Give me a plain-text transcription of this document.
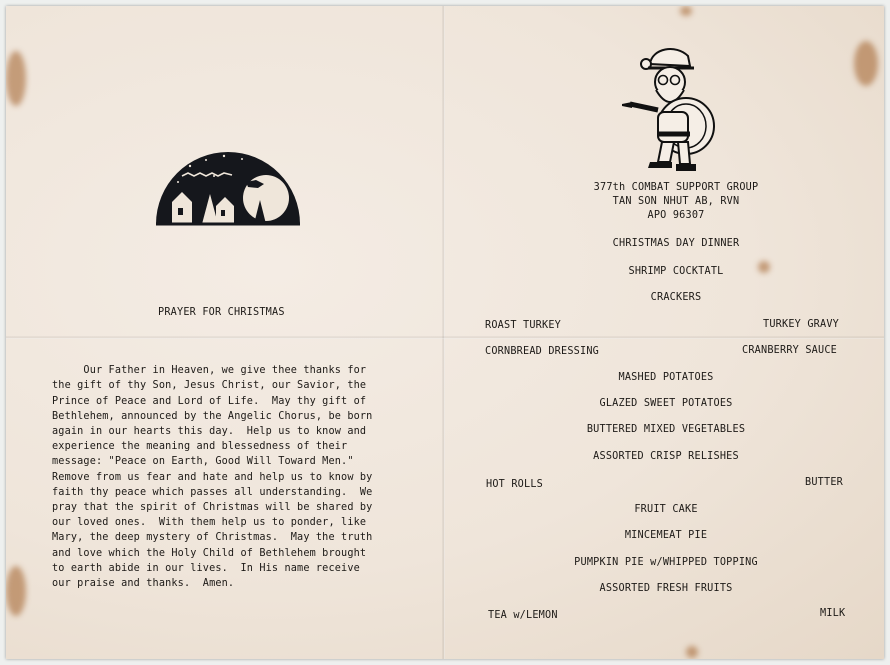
PRAYER FOR CHRISTMAS

Our Father in Heaven, we give thee thanks for
the gift of thy Son, Jesus Christ, our Savior, the
Prince of Peace and Lord of Life.  May thy gift of
Bethlehem, announced by the Angelic Chorus, be born
again in our hearts this day.  Help us to know and
experience the meaning and blessedness of their
message: "Peace on Earth, Good Will Toward Men."
Remove from us fear and hate and help us to know by
faith thy peace which passes all understanding.  We
pray that the spirit of Christmas will be shared by
our loved ones.  With them help us to ponder, like
Mary, the deep mystery of Christmas.  May the truth
and love which the Holy Child of Bethlehem brought
to earth abide in our lives.  In His name receive
our praise and thanks.  Amen.

377th COMBAT SUPPORT GROUP
TAN SON NHUT AB, RVN
APO 96307
CHRISTMAS DAY DINNER
SHRIMP COCKTATL
CRACKERS
ROAST TURKEY	TURKEY GRAVY
CORNBREAD DRESSING	CRANBERRY SAUCE
MASHED POTATOES
GLAZED SWEET POTATOES
BUTTERED MIXED VEGETABLES
ASSORTED CRISP RELISHES
HOT ROLLS	BUTTER
FRUIT CAKE
MINCEMEAT PIE
PUMPKIN PIE w/WHIPPED TOPPING
ASSORTED FRESH FRUITS
TEA w/LEMON	MILK
